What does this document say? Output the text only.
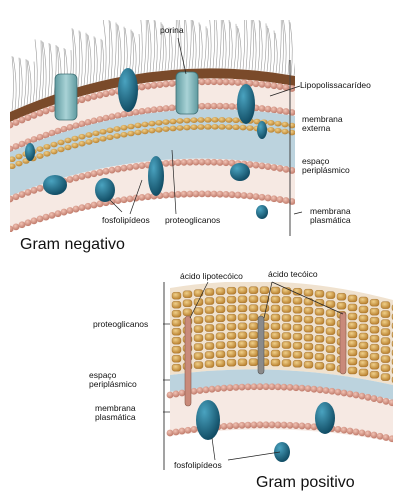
porina
Lipopolissacarídeo
membrana
externa
espaço
periplásmico
membrana
plasmática
fosfolipídeos proteoglicanos
Gram negativo
ácido lipotecóico	ácido tecóico
proteoglicanos
espaço
periplásmico
membrana
plasmática
fosfolipídeos
Gram positivo
